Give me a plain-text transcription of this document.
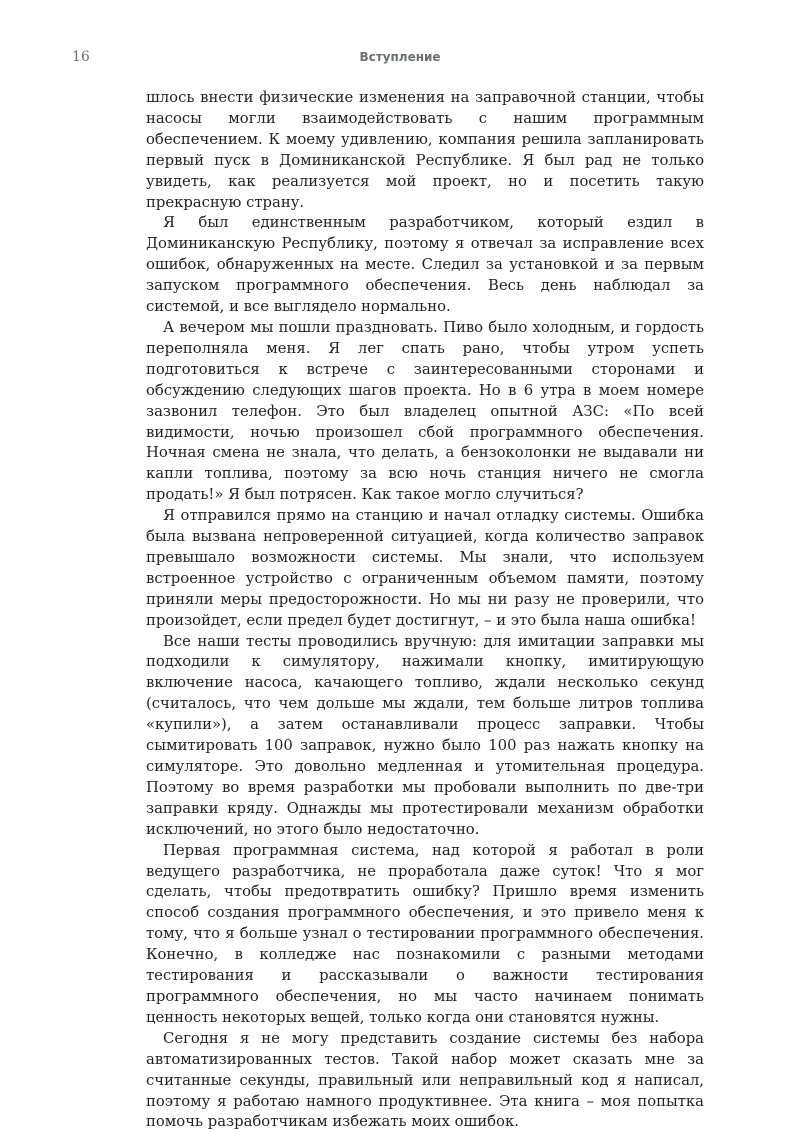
16	Вступление

шлось внести физические изменения на заправочной станции, чтобы насосы могли взаимодействовать с нашим программным обеспечением. К моему удивлению, компания решила запланировать первый пуск в Доминиканской Республике. Я был рад не только увидеть, как реализуется мой проект, но и посетить такую прекрасную страну.

Я был единственным разработчиком, который ездил в Доминиканскую Республику, поэтому я отвечал за исправление всех ошибок, обнаруженных на месте. Следил за установкой и за первым запуском программного обеспечения. Весь день наблюдал за системой, и все выглядело нормально.

А вечером мы пошли праздновать. Пиво было холодным, и гордость переполняла меня. Я лег спать рано, чтобы утром успеть подготовиться к встрече с заинтересованными сторонами и обсуждению следующих шагов проекта. Но в 6 утра в моем номере зазвонил телефон. Это был владелец опытной АЗС: «По всей видимости, ночью произошел сбой программного обеспечения. Ночная смена не знала, что делать, а бензоколонки не выдавали ни капли топлива, поэтому за всю ночь станция ничего не смогла продать!» Я был потрясен. Как такое могло случиться?

Я отправился прямо на станцию и начал отладку системы. Ошибка была вызвана непроверенной ситуацией, когда количество заправок превышало возможности системы. Мы знали, что используем встроенное устройство с ограниченным объемом памяти, поэтому приняли меры предосторожности. Но мы ни разу не проверили, что произойдет, если предел будет достигнут, – и это была наша ошибка!

Все наши тесты проводились вручную: для имитации заправки мы подходили к симулятору, нажимали кнопку, имитирующую включение насоса, качающего топливо, ждали несколько секунд (считалось, что чем дольше мы ждали, тем больше литров топлива «купили»), а затем останавливали процесс заправки. Чтобы сымитировать 100 заправок, нужно было 100 раз нажать кнопку на симуляторе. Это довольно медленная и утомительная процедура. Поэтому во время разработки мы пробовали выполнить по две-три заправки кряду. Однажды мы протестировали механизм обработки исключений, но этого было недостаточно.

Первая программная система, над которой я работал в роли ведущего разработчика, не проработала даже суток! Что я мог сделать, чтобы предотвратить ошибку? Пришло время изменить способ создания программного обеспечения, и это привело меня к тому, что я больше узнал о тестировании программного обеспечения. Конечно, в колледже нас познакомили с разными методами тестирования и рассказывали о важности тестирования программного обеспечения, но мы часто начинаем понимать ценность некоторых вещей, только когда они становятся нужны.

Сегодня я не могу представить создание системы без набора автоматизированных тестов. Такой набор может сказать мне за считанные секунды, правильный или неправильный код я написал, поэтому я работаю намного продуктивнее. Эта книга – моя попытка помочь разработчикам избежать моих ошибок.
